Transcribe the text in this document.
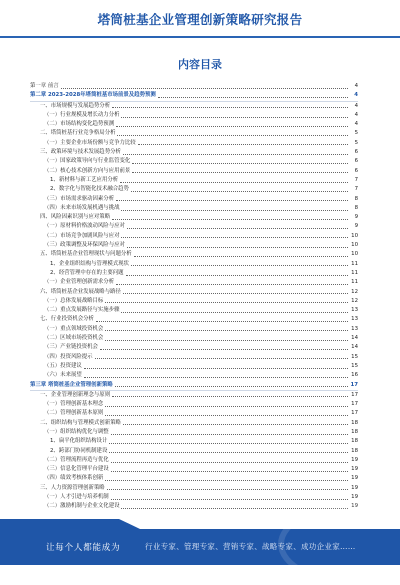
塔筒桩基企业管理创新策略研究报告
内容目录
第一章 前言	4
第二章 2023-2028年塔筒桩基市场前景及趋势预测	4
一、市场规模与发展趋势分析	4
（一）行业规模及增长动力分析	4
（二）市场结构变化趋势预测	4
二、塔筒桩基行业竞争格局分析	5
（一）主要企业市场份额与竞争力比较	5
三、政策环境与技术发展趋势分析	6
（一）国家政策导向与行业监管变化	6
（二）核心技术创新方向与应用前景	6
1、新材料与新工艺应用分析	7
2、数字化与智能化技术融合趋势	7
（三）市场需求驱动因素分析	8
（四）未来市场发展机遇与挑战	8
四、风险因素识别与应对策略	9
（一）原材料价格波动风险与应对	9
（二）市场竞争加剧风险与应对	10
（三）政策调整及环保风险与应对	10
五、塔筒桩基企业管理现状与问题分析	10
1、企业组织结构与管理模式现状	11
2、经营管理中存在的主要问题	11
（一）企业管理创新需求分析	11
六、塔筒桩基企业发展战略与路径	12
（一）总体发展战略目标	12
（二）重点发展路径与实施步骤	13
七、行业投资机会分析	13
（一）重点领域投资机会	13
（二）区域市场投资机会	14
（三）产业链投资机会	14
（四）投资风险提示	15
（五）投资建议	15
（六）未来展望	16
第三章 塔筒桩基企业管理创新策略	17
一、企业管理创新理念与原则	17
（一）管理创新基本理念	17
（二）管理创新基本原则	17
二、组织结构与管理模式创新策略	18
（一）组织结构优化与调整	18
1、扁平化组织结构设计	18
2、跨部门协同机制建设	18
（二）管理流程再造与优化	19
（三）信息化管理平台建设	19
（四）绩效考核体系创新	19
三、人力资源管理创新策略	19
（一）人才引进与培养机制	19
（二）激励机制与企业文化建设	19
让每个人都能成为	行业专家、管理专家、营销专家、战略专家、成功企业家……
